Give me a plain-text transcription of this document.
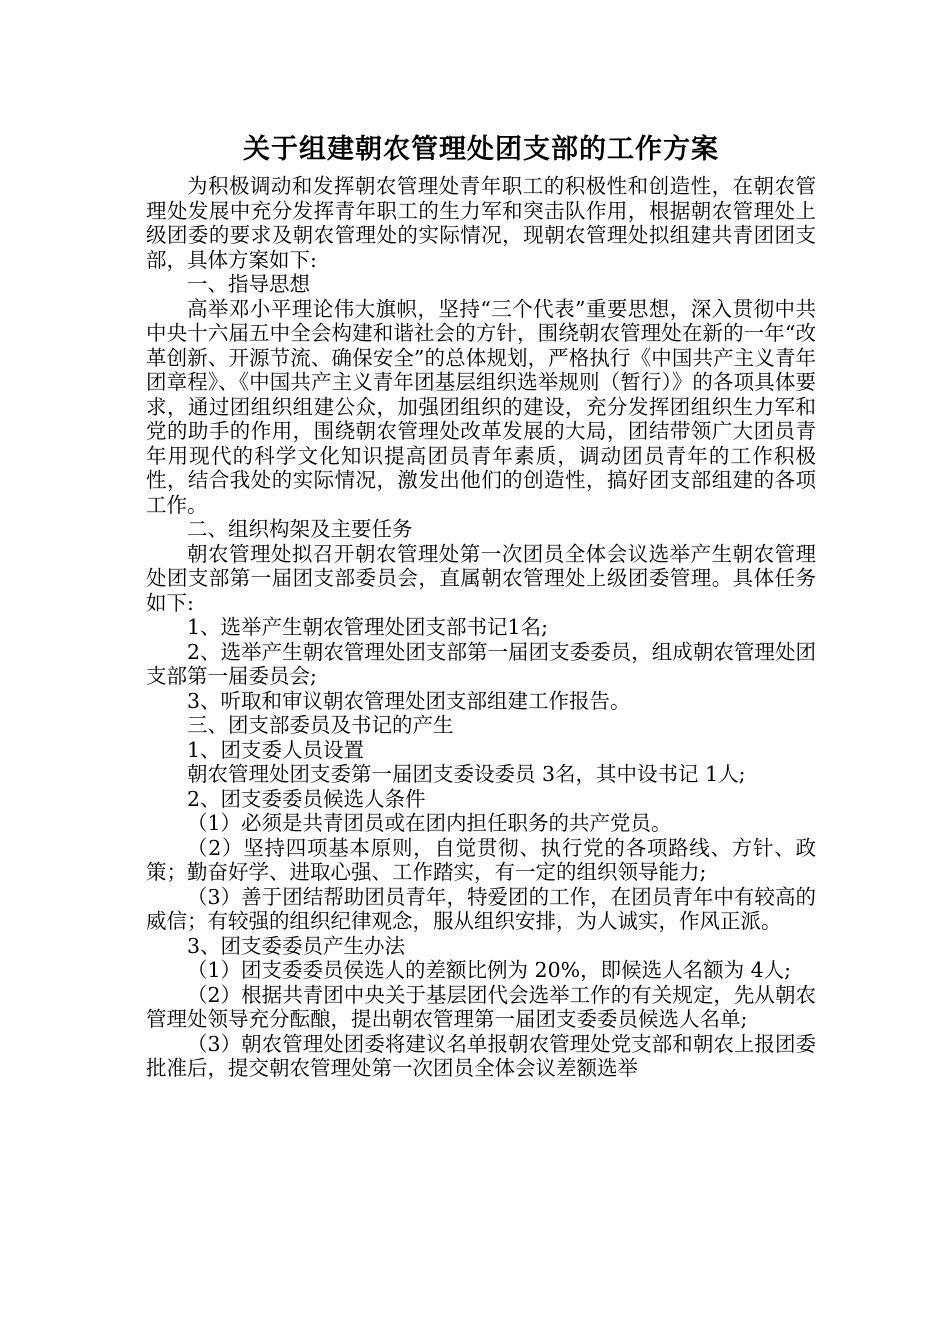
关于组建朝农管理处团支部的工作方案

为积极调动和发挥朝农管理处青年职工的积极性和创造性，在朝农管理处发展中充分发挥青年职工的生力军和突击队作用，根据朝农管理处上级团委的要求及朝农管理处的实际情况，现朝农管理处拟组建共青团团支部，具体方案如下:

一、指导思想

高举邓小平理论伟大旗帜，坚持“三个代表”重要思想，深入贯彻中共中央十六届五中全会构建和谐社会的方针，围绕朝农管理处在新的一年“改革创新、开源节流、确保安全”的总体规划，严格执行《中国共产主义青年团章程》、《中国共产主义青年团基层组织选举规则（暂行）》的各项具体要求，通过团组织组建公众，加强团组织的建设，充分发挥团组织生力军和党的助手的作用，围绕朝农管理处改革发展的大局，团结带领广大团员青年用现代的科学文化知识提高团员青年素质，调动团员青年的工作积极性，结合我处的实际情况，激发出他们的创造性，搞好团支部组建的各项工作。

二、组织构架及主要任务

朝农管理处拟召开朝农管理处第一次团员全体会议选举产生朝农管理处团支部第一届团支部委员会，直属朝农管理处上级团委管理。具体任务如下:

1、选举产生朝农管理处团支部书记1名;

2、选举产生朝农管理处团支部第一届团支委委员，组成朝农管理处团支部第一届委员会;

3、听取和审议朝农管理处团支部组建工作报告。

三、团支部委员及书记的产生

1、团支委人员设置

朝农管理处团支委第一届团支委设委员 3名，其中设书记 1人;

2、团支委委员候选人条件

（1）必须是共青团员或在团内担任职务的共产党员。

（2）坚持四项基本原则，自觉贯彻、执行党的各项路线、方针、政策；勤奋好学、进取心强、工作踏实，有一定的组织领导能力;

（3）善于团结帮助团员青年，特爱团的工作，在团员青年中有较高的威信；有较强的组织纪律观念，服从组织安排，为人诚实，作风正派。

3、团支委委员产生办法

（1）团支委委员侯选人的差额比例为 20%，即候选人名额为 4人;

（2）根据共青团中央关于基层团代会选举工作的有关规定，先从朝农管理处领导充分酝酿，提出朝农管理第一届团支委委员候选人名单;

（3）朝农管理处团委将建议名单报朝农管理处党支部和朝农上报团委批准后，提交朝农管理处第一次团员全体会议差额选举
